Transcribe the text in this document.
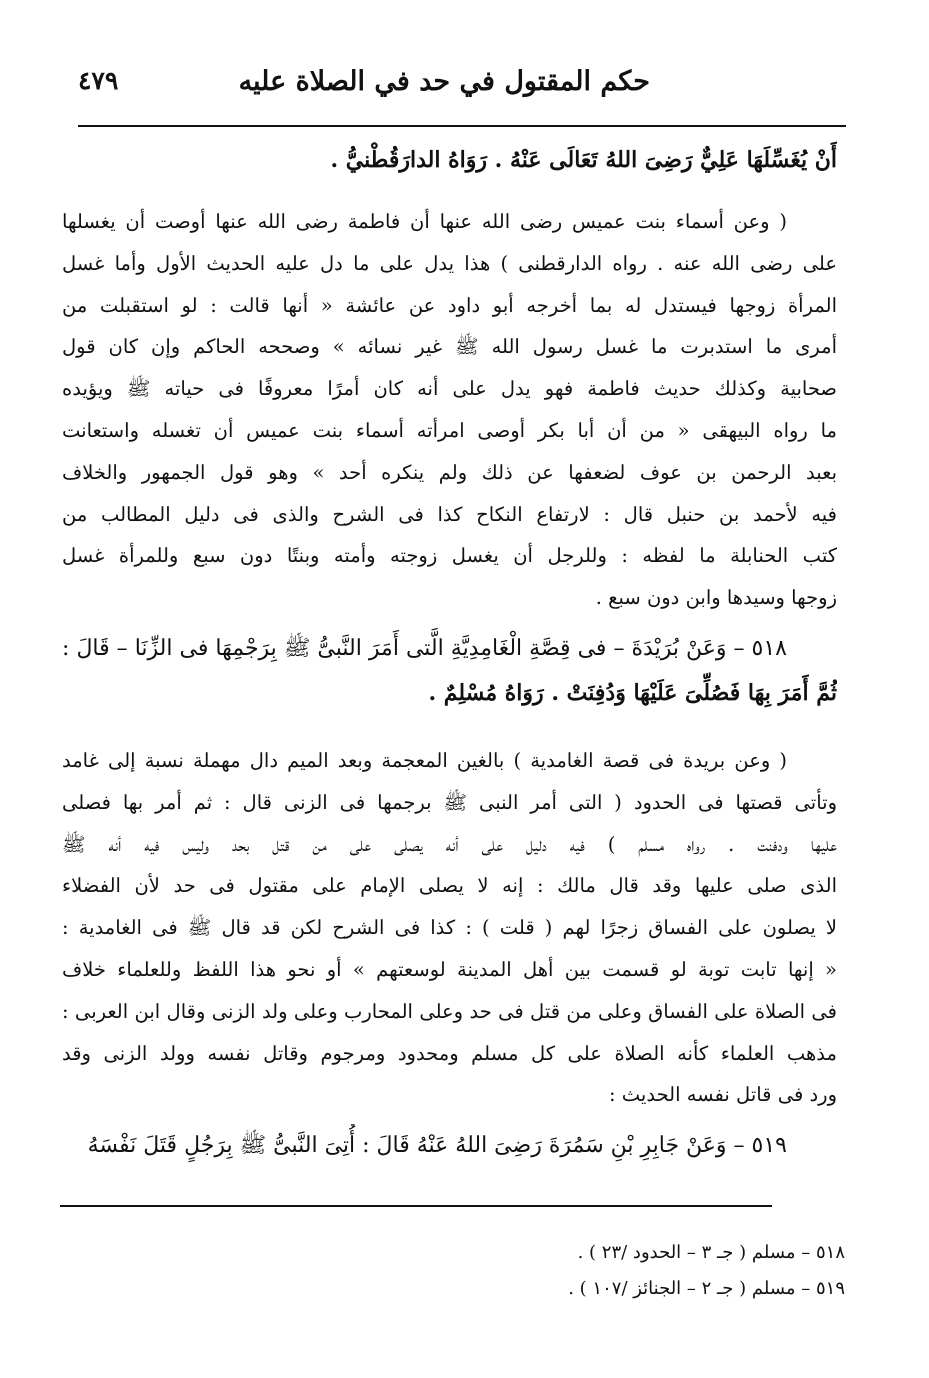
حكم المقتول في حد في الصلاة عليه
٤٧٩
أَنْ يُغَسِّلَهَا عَلِيٌّ رَضِىَ اللهُ تَعَالَى عَنْهُ . رَوَاهُ الدارَقُطْنيُّ .
( وعن أسماء بنت عميس رضى الله عنها أن فاطمة رضى الله عنها أوصت أن يغسلها
على رضى الله عنه . رواه الدارقطنى ) هذا يدل على ما دل عليه الحديث الأول وأما غسل
المرأة زوجها فيستدل له بما أخرجه أبو داود عن عائشة « أنها قالت : لو استقبلت من
أمرى ما استدبرت ما غسل رسول الله ﷺ غير نسائه » وصححه الحاكم وإن كان قول
صحابية وكذلك حديث فاطمة فهو يدل على أنه كان أمرًا معروفًا فى حياته ﷺ ويؤيده
ما رواه البيهقى « من أن أبا بكر أوصى امرأته أسماء بنت عميس أن تغسله واستعانت
بعبد الرحمن بن عوف لضعفها عن ذلك ولم ينكره أحد » وهو قول الجمهور والخلاف
فيه لأحمد بن حنبل قال : لارتفاع النكاح كذا فى الشرح والذى فى دليل المطالب من
كتب الحنابلة ما لفظه : وللرجل أن يغسل زوجته وأمته وبنتًا دون سبع وللمرأة غسل
زوجها وسيدها وابن دون سبع .
٥١٨ – وَعَنْ بُرَيْدَةَ – فى قِصَّةِ الْغَامِدِيَّةِ الَّتى أَمَرَ النَّبىُّ ﷺ بِرَجْمِهَا فى الزِّنَا – قَالَ :
ثُمَّ أَمَرَ بِهَا فَصُلِّىَ عَلَيْهَا وَدُفِنَتْ . رَوَاهُ مُسْلِمٌ .
( وعن بريدة فى قصة الغامدية ) بالغين المعجمة وبعد الميم دال مهملة نسبة إلى غامد
وتأتى قصتها فى الحدود ( التى أمر النبى ﷺ برجمها فى الزنى قال : ثم أمر بها فصلى
عليها ودفنت . رواه مسلم ) فيه دليل على أنه يصلى على من قتل بحد وليس فيه أنه ﷺ
الذى صلى عليها وقد قال مالك : إنه لا يصلى الإمام على مقتول فى حد لأن الفضلاء
لا يصلون على الفساق زجرًا لهم ( قلت ) : كذا فى الشرح لكن قد قال ﷺ فى الغامدية :
« إنها تابت توبة لو قسمت بين أهل المدينة لوسعتهم » أو نحو هذا اللفظ وللعلماء خلاف
فى الصلاة على الفساق وعلى من قتل فى حد وعلى المحارب وعلى ولد الزنى وقال ابن العربى :
مذهب العلماء كأنه الصلاة على كل مسلم ومحدود ومرجوم وقاتل نفسه وولد الزنى وقد
ورد فى قاتل نفسه الحديث :
٥١٩ – وَعَنْ جَابِرِ بْنِ سَمُرَةَ رَضِىَ اللهُ عَنْهُ قَالَ : أُتِىَ النَّبىُّ ﷺ بِرَجُلٍ قَتَلَ نَفْسَهُ
٥١٨ – مسلم ( جـ ٣ – الحدود /٢٣ ) .
٥١٩ – مسلم ( جـ ٢ – الجنائز /١٠٧ ) .
